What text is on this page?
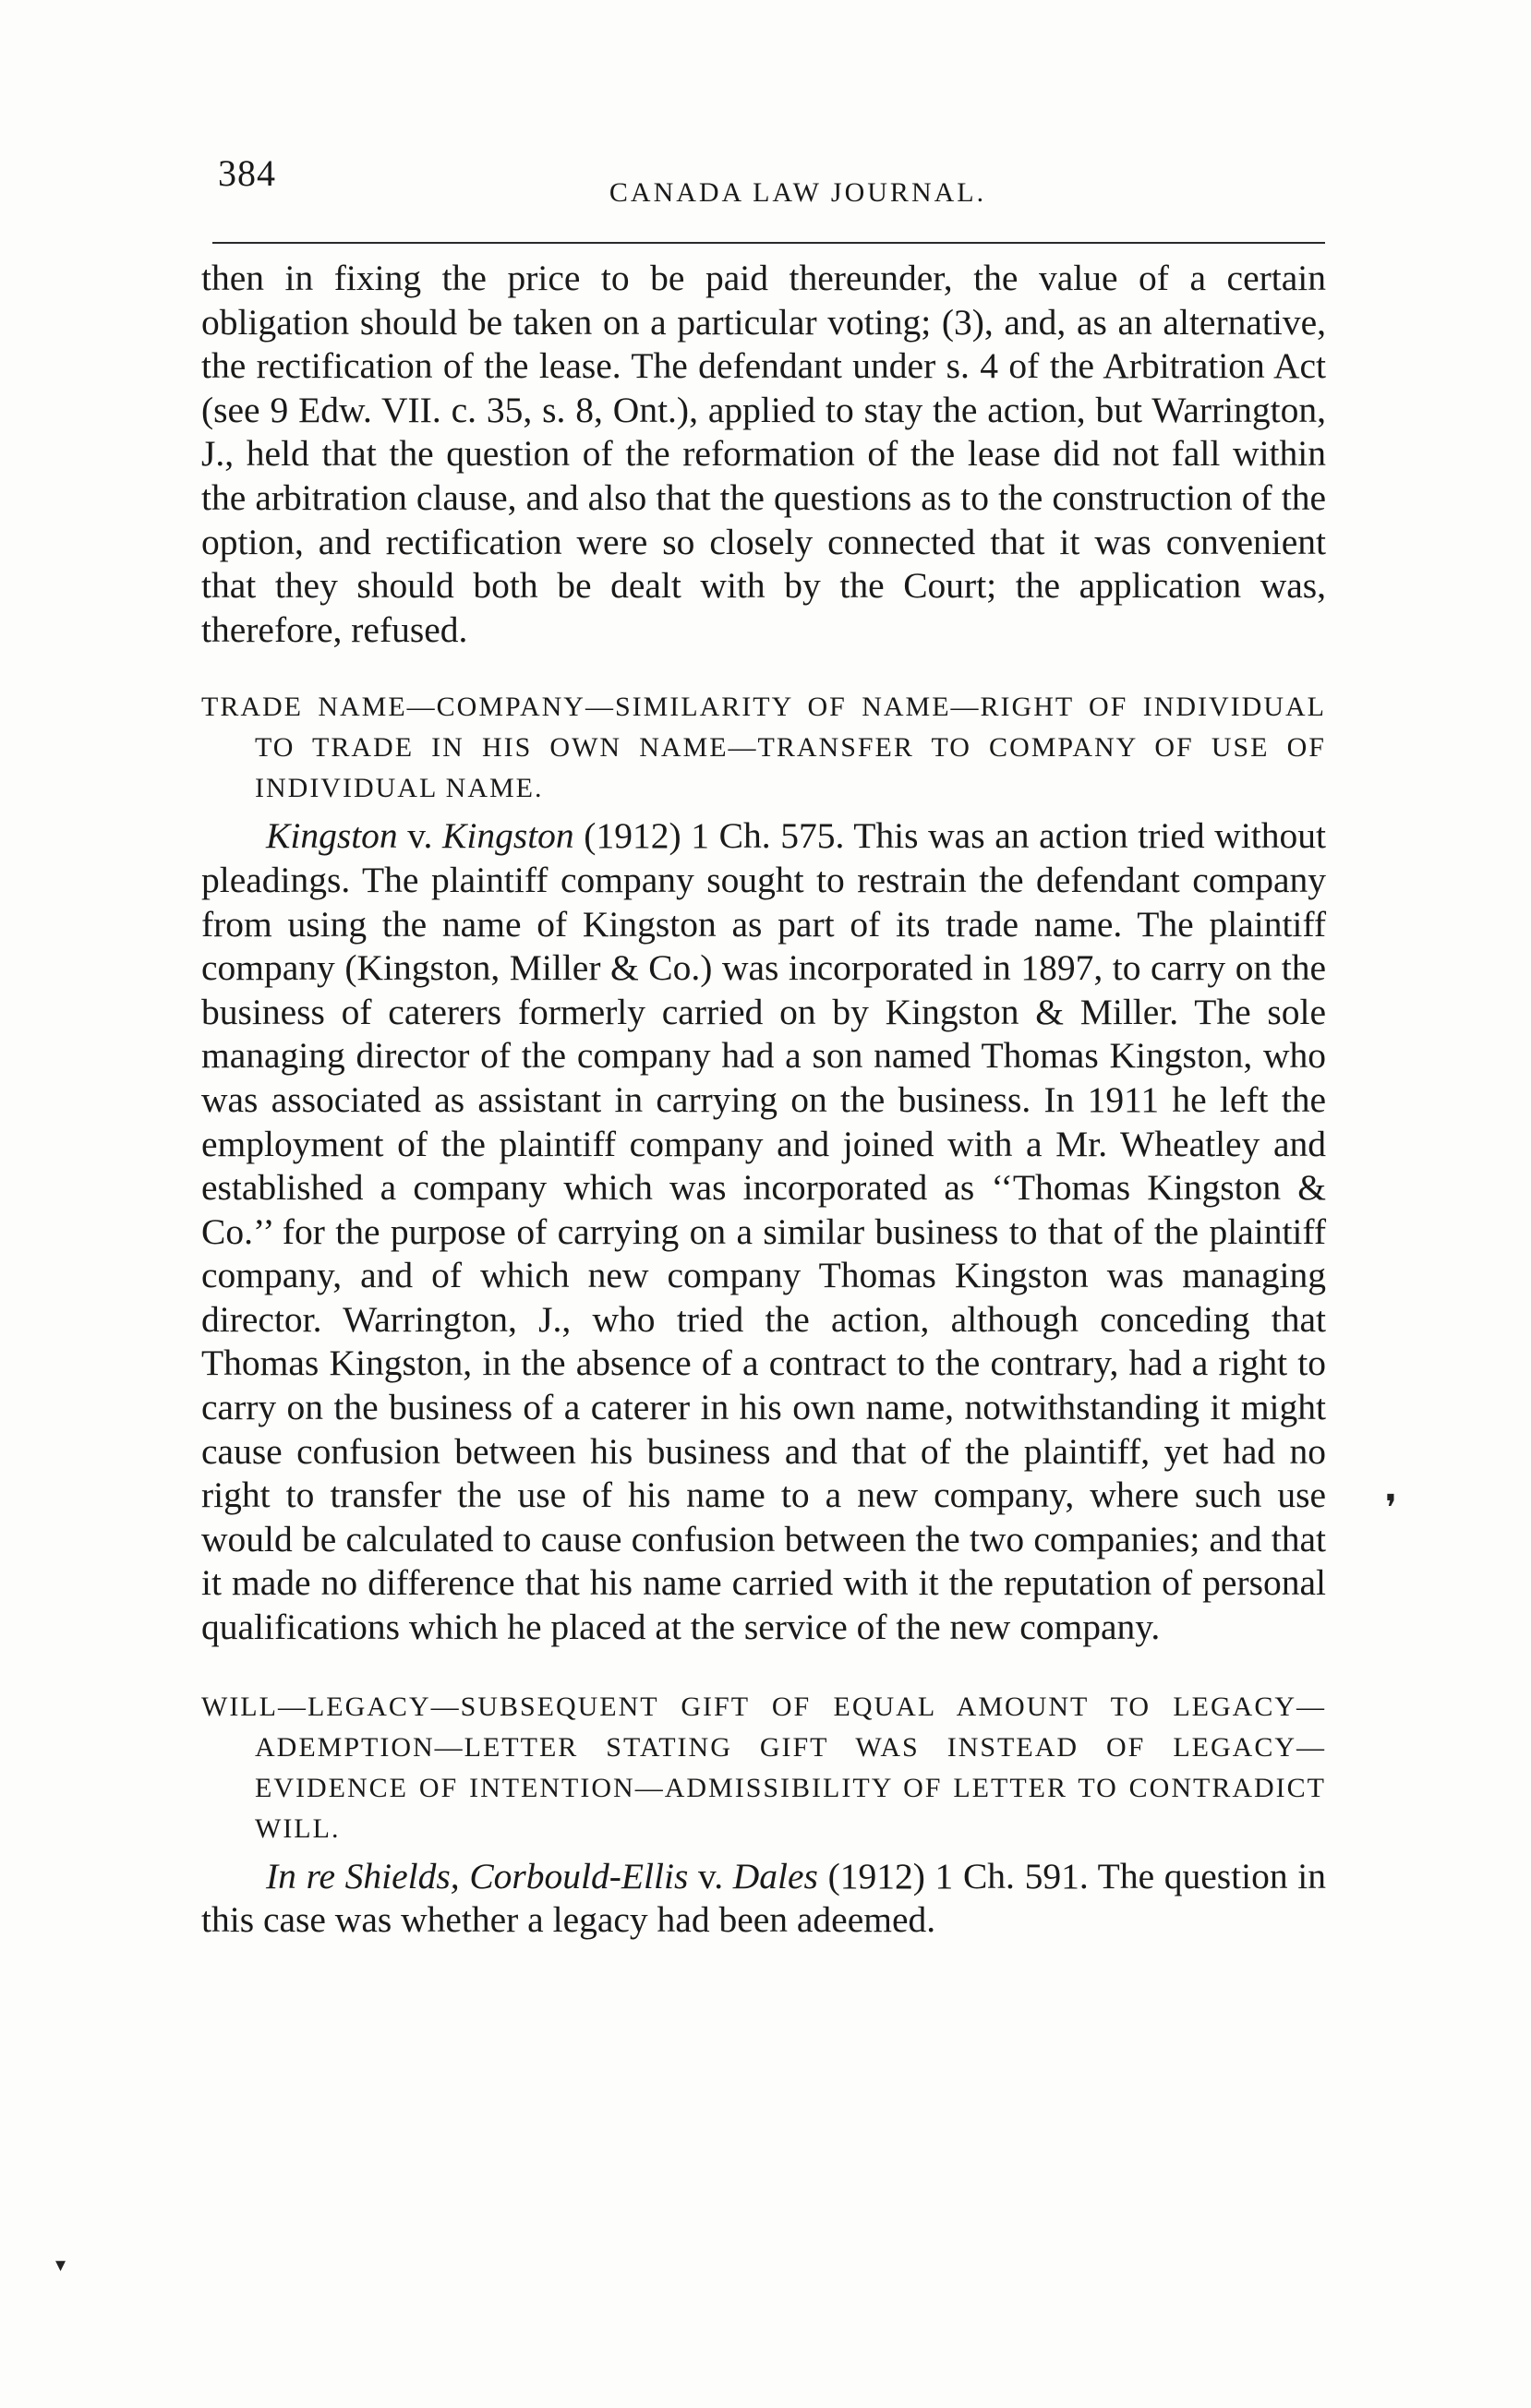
384	CANADA LAW JOURNAL.

then in fixing the price to be paid thereunder, the value of a certain obligation should be taken on a particular voting; (3), and, as an alternative, the rectification of the lease. The defendant under s. 4 of the Arbitration Act (see 9 Edw. VII. c. 35, s. 8, Ont.), applied to stay the action, but Warrington, J., held that the question of the reformation of the lease did not fall within the arbitration clause, and also that the questions as to the construction of the option, and rectification were so closely connected that it was convenient that they should both be dealt with by the Court; the application was, therefore, refused.

TRADE NAME—COMPANY—SIMILARITY OF NAME—RIGHT OF INDIVIDUAL TO TRADE IN HIS OWN NAME—TRANSFER TO COMPANY OF USE OF INDIVIDUAL NAME.

Kingston v. Kingston (1912) 1 Ch. 575. This was an action tried without pleadings. The plaintiff company sought to restrain the defendant company from using the name of Kingston as part of its trade name. The plaintiff company (Kingston, Miller & Co.) was incorporated in 1897, to carry on the business of caterers formerly carried on by Kingston & Miller. The sole managing director of the company had a son named Thomas Kingston, who was associated as assistant in carrying on the business. In 1911 he left the employment of the plaintiff company and joined with a Mr. Wheatley and established a company which was incorporated as ‘‘Thomas Kingston & Co.’’ for the purpose of carrying on a similar business to that of the plaintiff company, and of which new company Thomas Kingston was managing director. Warrington, J., who tried the action, although conceding that Thomas Kingston, in the absence of a contract to the contrary, had a right to carry on the business of a caterer in his own name, notwithstanding it might cause confusion between his business and that of the plaintiff, yet had no right to transfer the use of his name to a new company, where such use would be calculated to cause confusion between the two companies; and that it made no difference that his name carried with it the reputation of personal qualifications which he placed at the service of the new company.

WILL—LEGACY—SUBSEQUENT GIFT OF EQUAL AMOUNT TO LEGACY—ADEMPTION—LETTER STATING GIFT WAS INSTEAD OF LEGACY—EVIDENCE OF INTENTION—ADMISSIBILITY OF LETTER TO CONTRADICT WILL.

In re Shields, Corbould-Ellis v. Dales (1912) 1 Ch. 591. The question in this case was whether a legacy had been adeemed.

❜
▾
